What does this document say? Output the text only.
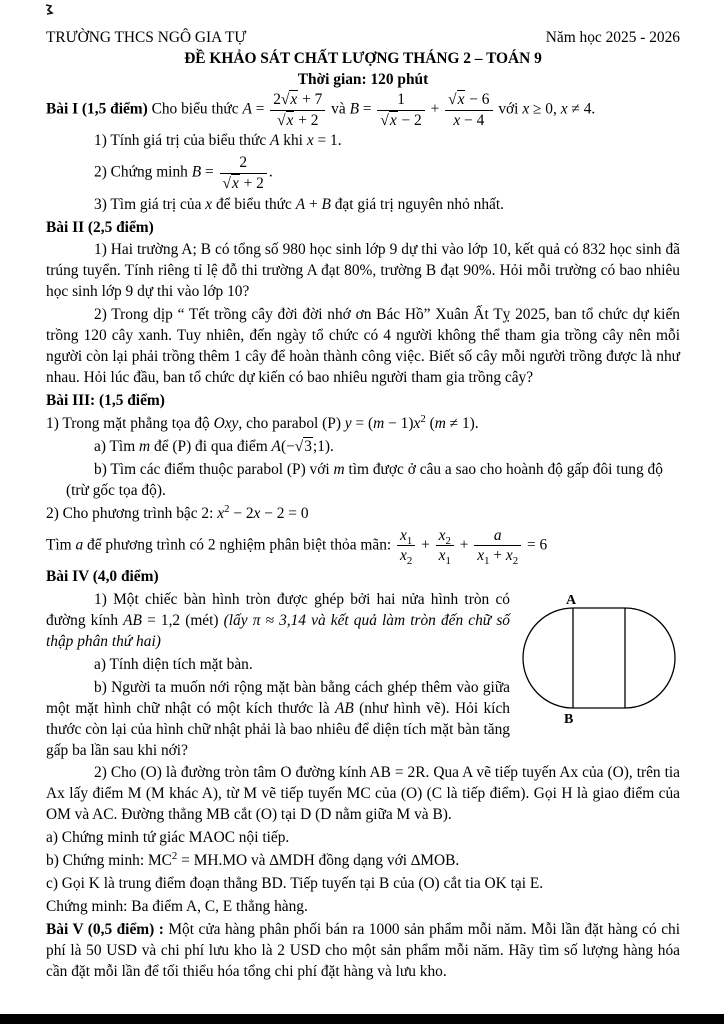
TRƯỜNG THCS NGÔ GIA TỰ	Năm học 2025 - 2026
ĐỀ KHẢO SÁT CHẤT LƯỢNG THÁNG 2 – TOÁN 9
Thời gian: 120 phút
Bài I (1,5 điểm) Cho biểu thức $A = \frac{2√x + 7}{√x + 2}$ và $B = \frac{1}{√x - 2} + \frac{√x - 6}{x - 4}$ với x ≥ 0, x ≠ 4.
1) Tính giá trị của biểu thức A khi x = 1.
2) Chứng minh $B = \frac{2}{√x + 2}$ .
3) Tìm giá trị của x để biểu thức A + B đạt giá trị nguyên nhỏ nhất.
Bài II (2,5 điểm)
1) Hai trường A; B có tổng số 980 học sinh lớp 9 dự thi vào lớp 10, kết quả có 832 học sinh đã trúng tuyển. Tính riêng tỉ lệ đỗ thi trường A đạt 80%, trường B đạt 90%. Hỏi mỗi trường có bao nhiêu học sinh lớp 9 dự thi vào lớp 10?
2) Trong dịp “ Tết trồng cây đời đời nhớ ơn Bác Hồ” Xuân Ất Tỵ 2025, ban tổ chức dự kiến trồng 120 cây xanh. Tuy nhiên, đến ngày tổ chức có 4 người không thể tham gia trồng cây nên mỗi người còn lại phải trồng thêm 1 cây để hoàn thành công việc. Biết số cây mỗi người trồng được là như nhau. Hỏi lúc đầu, ban tổ chức dự kiến có bao nhiêu người tham gia trồng cây?
Bài III: (1,5 điểm)
1) Trong mặt phẳng tọa độ Oxy, cho parabol (P) $y = (m - 1)x^2$ (m ≠ 1).
a) Tìm m để (P) đi qua điểm A(−√3;1).
b) Tìm các điểm thuộc parabol (P) với m tìm được ở câu a sao cho hoành độ gấp đôi tung độ (trừ gốc tọa độ).
2) Cho phương trình bậc 2: $x^2 - 2x - 2 = 0$
Tìm a để phương trình có 2 nghiệm phân biệt thỏa mãn: $\frac{x_1}{x_2} + \frac{x_2}{x_1} + \frac{a}{x_1 + x_2} = 6$
Bài IV (4,0 điểm)
A
B
1) Một chiếc bàn hình tròn được ghép bởi hai nửa hình tròn có đường kính AB = 1,2 (mét) (lấy π ≈ 3,14 và kết quả làm tròn đến chữ số thập phân thứ hai)
a) Tính diện tích mặt bàn.
b) Người ta muốn nới rộng mặt bàn bằng cách ghép thêm vào giữa một mặt hình chữ nhật có một kích thước là AB (như hình vẽ). Hỏi kích thước còn lại của hình chữ nhật phải là bao nhiêu để diện tích mặt bàn tăng gấp ba lần sau khi nới?
2) Cho (O) là đường tròn tâm O đường kính AB = 2R. Qua A vẽ tiếp tuyến Ax của (O), trên tia Ax lấy điểm M (M khác A), từ M vẽ tiếp tuyến MC của (O) (C là tiếp điểm). Gọi H là giao điểm của OM và AC. Đường thẳng MB cắt (O) tại D (D nằm giữa M và B).
a) Chứng minh tứ giác MAOC nội tiếp.
b) Chứng minh: $MC^2 = MH.MO$ và ∆MDH đồng dạng với ∆MOB.
c) Gọi K là trung điểm đoạn thẳng BD. Tiếp tuyến tại B của (O) cắt tia OK tại E.
Chứng minh: Ba điểm A, C, E thẳng hàng.
Bài V (0,5 điểm) : Một cửa hàng phân phối bán ra 1000 sản phẩm mỗi năm. Mỗi lần đặt hàng có chi phí là 50 USD và chi phí lưu kho là 2 USD cho một sản phẩm mỗi năm. Hãy tìm số lượng hàng hóa cần đặt mỗi lần để tối thiểu hóa tổng chi phí đặt hàng và lưu kho.
